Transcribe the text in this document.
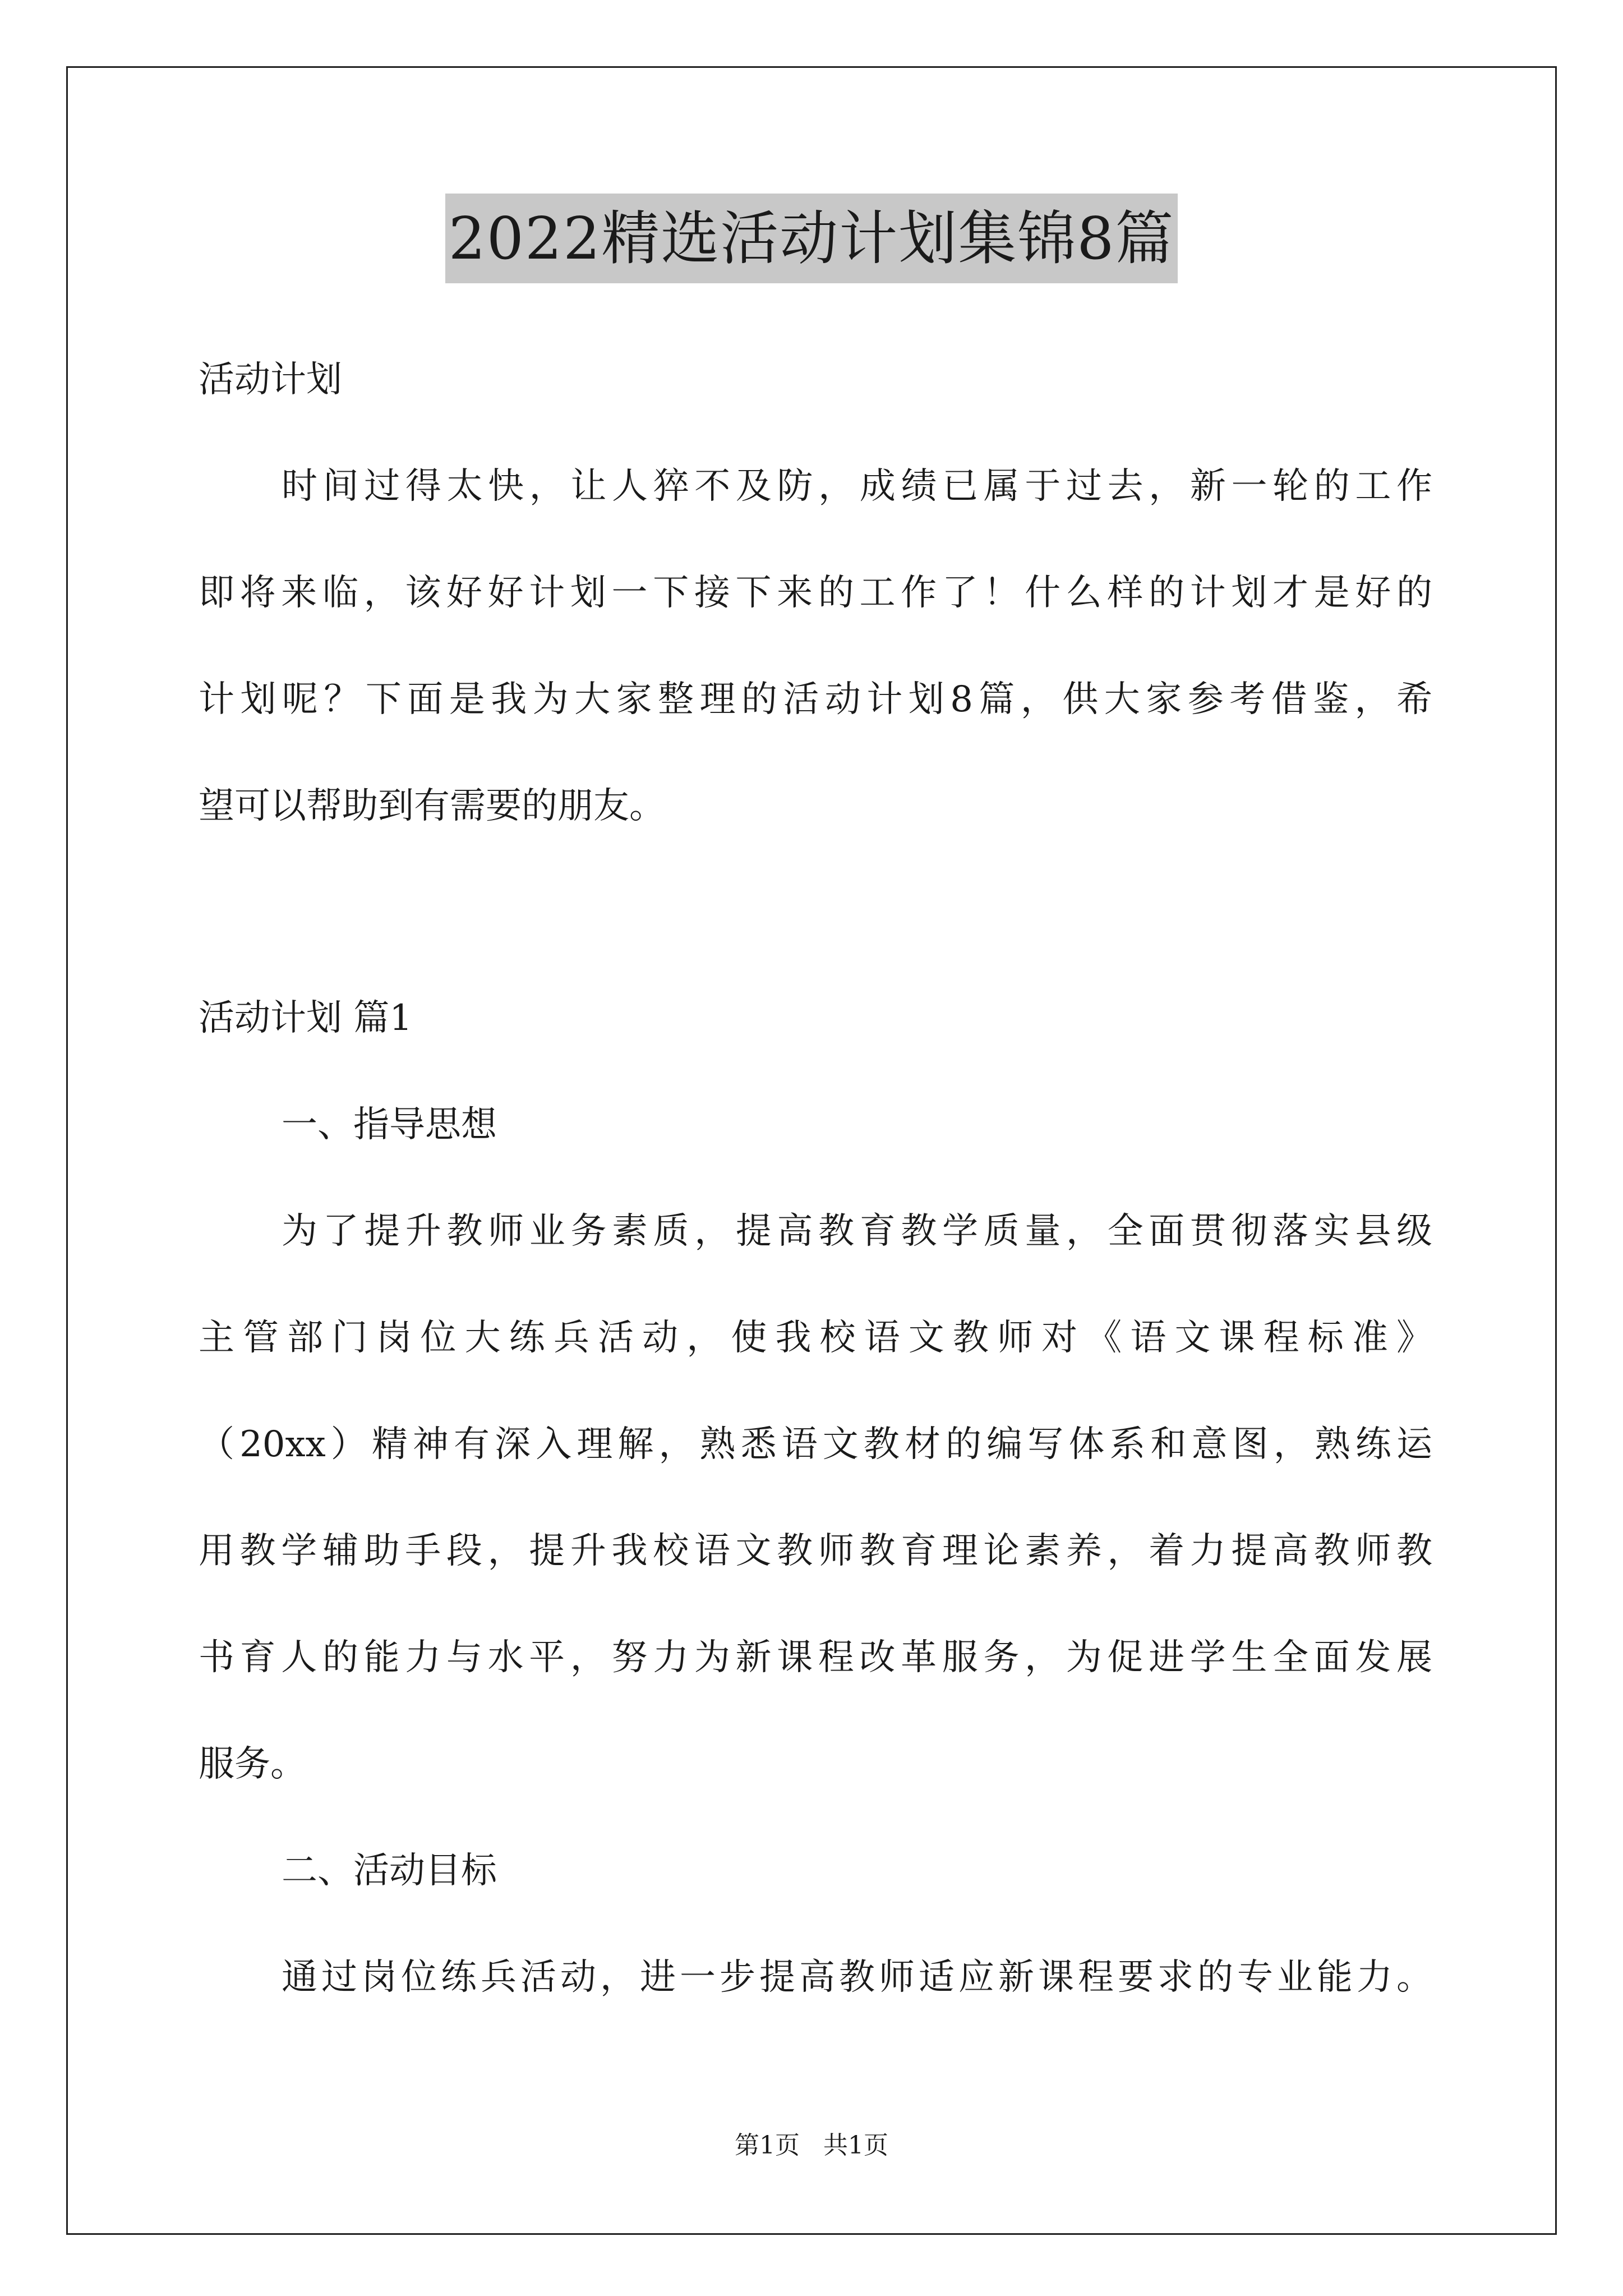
2022精选活动计划集锦8篇
活动计划
时间过得太快，让人猝不及防，成绩已属于过去，新一轮的工作
即将来临，该好好计划一下接下来的工作了！什么样的计划才是好的
计划呢？下面是我为大家整理的活动计划8篇，供大家参考借鉴，希
望可以帮助到有需要的朋友。
活动计划 篇1
一、指导思想
为了提升教师业务素质，提高教育教学质量，全面贯彻落实县级
主管部门岗位大练兵活动，使我校语文教师对《语文课程标准》
（20xx）精神有深入理解，熟悉语文教材的编写体系和意图，熟练运
用教学辅助手段，提升我校语文教师教育理论素养，着力提高教师教
书育人的能力与水平，努力为新课程改革服务，为促进学生全面发展
服务。
二、活动目标
通过岗位练兵活动，进一步提高教师适应新课程要求的专业能力。
第1页   共1页
